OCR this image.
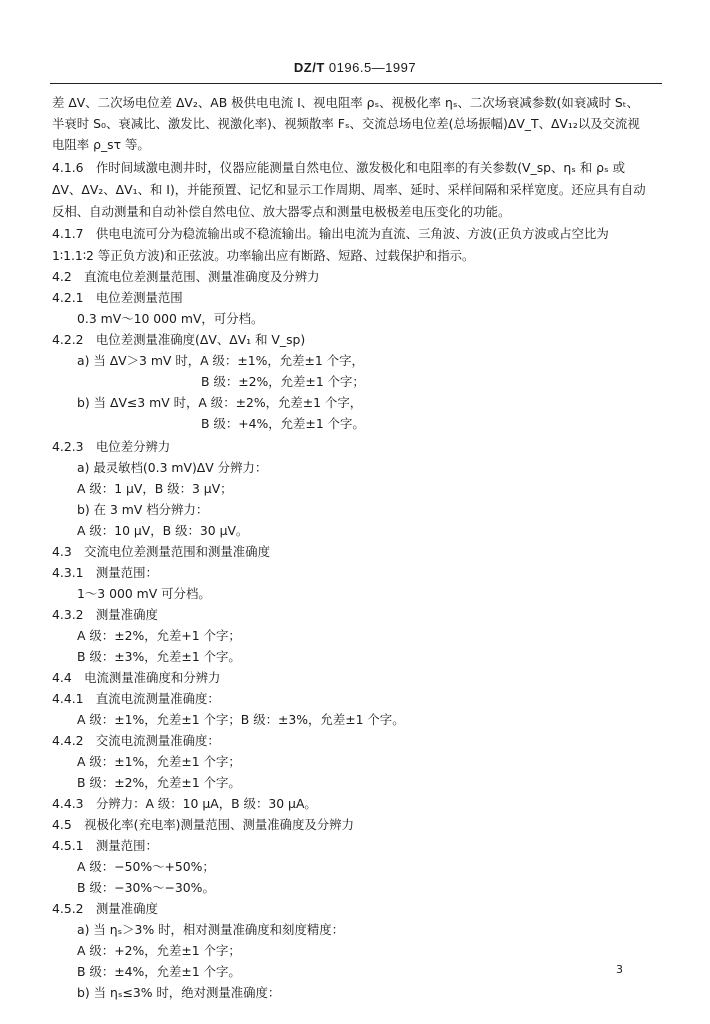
DZ/T 0196.5—1997
差 ΔV、二次场电位差 ΔV₂、AB 极供电电流 I、视电阻率 ρₛ、视极化率 ηₛ、二次场衰减参数(如衰减时 Sₜ、
半衰时 S₀、衰减比、激发比、视激化率)、视频散率 Fₛ、交流总场电位差(总场振幅)ΔV_T、ΔV₁₂以及交流视
电阻率 ρ_sτ 等。
4.1.6　作时间域激电测井时，仪器应能测量自然电位、激发极化和电阻率的有关参数(V_sp、ηₛ 和 ρₛ 或
ΔV、ΔV₂、ΔV₁、和 I)，并能预置、记忆和显示工作周期、周率、延时、采样间隔和采样宽度。还应具有自动
反相、自动测量和自动补偿自然电位、放大器零点和测量电极极差电压变化的功能。
4.1.7　供电电流可分为稳流输出或不稳流输出。输出电流为直流、三角波、方波(正负方波或占空比为
1∶1.1∶2 等正负方波)和正弦波。功率输出应有断路、短路、过载保护和指示。
4.2　直流电位差测量范围、测量准确度及分辨力
4.2.1　电位差测量范围
0.3 mV～10 000 mV，可分档。
4.2.2　电位差测量准确度(ΔV、ΔV₁ 和 V_sp)
a) 当 ΔV＞3 mV 时，A 级：±1%，允差±1 个字，
B 级：±2%，允差±1 个字；
b) 当 ΔV≤3 mV 时，A 级：±2%，允差±1 个字，
B 级：+4%，允差±1 个字。
4.2.3　电位差分辨力
a) 最灵敏档(0.3 mV)ΔV 分辨力：
A 级：1 μV，B 级：3 μV；
b) 在 3 mV 档分辨力：
A 级：10 μV，B 级：30 μV。
4.3　交流电位差测量范围和测量准确度
4.3.1　测量范围：
1～3 000 mV 可分档。
4.3.2　测量准确度
A 级：±2%，允差+1 个字；
B 级：±3%，允差±1 个字。
4.4　电流测量准确度和分辨力
4.4.1　直流电流测量准确度：
A 级：±1%，允差±1 个字；B 级：±3%，允差±1 个字。
4.4.2　交流电流测量准确度：
A 级：±1%，允差±1 个字；
B 级：±2%，允差±1 个字。
4.4.3　分辨力：A 级：10 μA，B 级：30 μA。
4.5　视极化率(充电率)测量范围、测量准确度及分辨力
4.5.1　测量范围：
A 级：−50%～+50%；
B 级：−30%～−30%。
4.5.2　测量准确度
a) 当 ηₛ＞3% 时，相对测量准确度和刻度精度：
A 级：+2%，允差±1 个字；
B 级：±4%，允差±1 个字。
b) 当 ηₛ≤3% 时，绝对测量准确度：
3
